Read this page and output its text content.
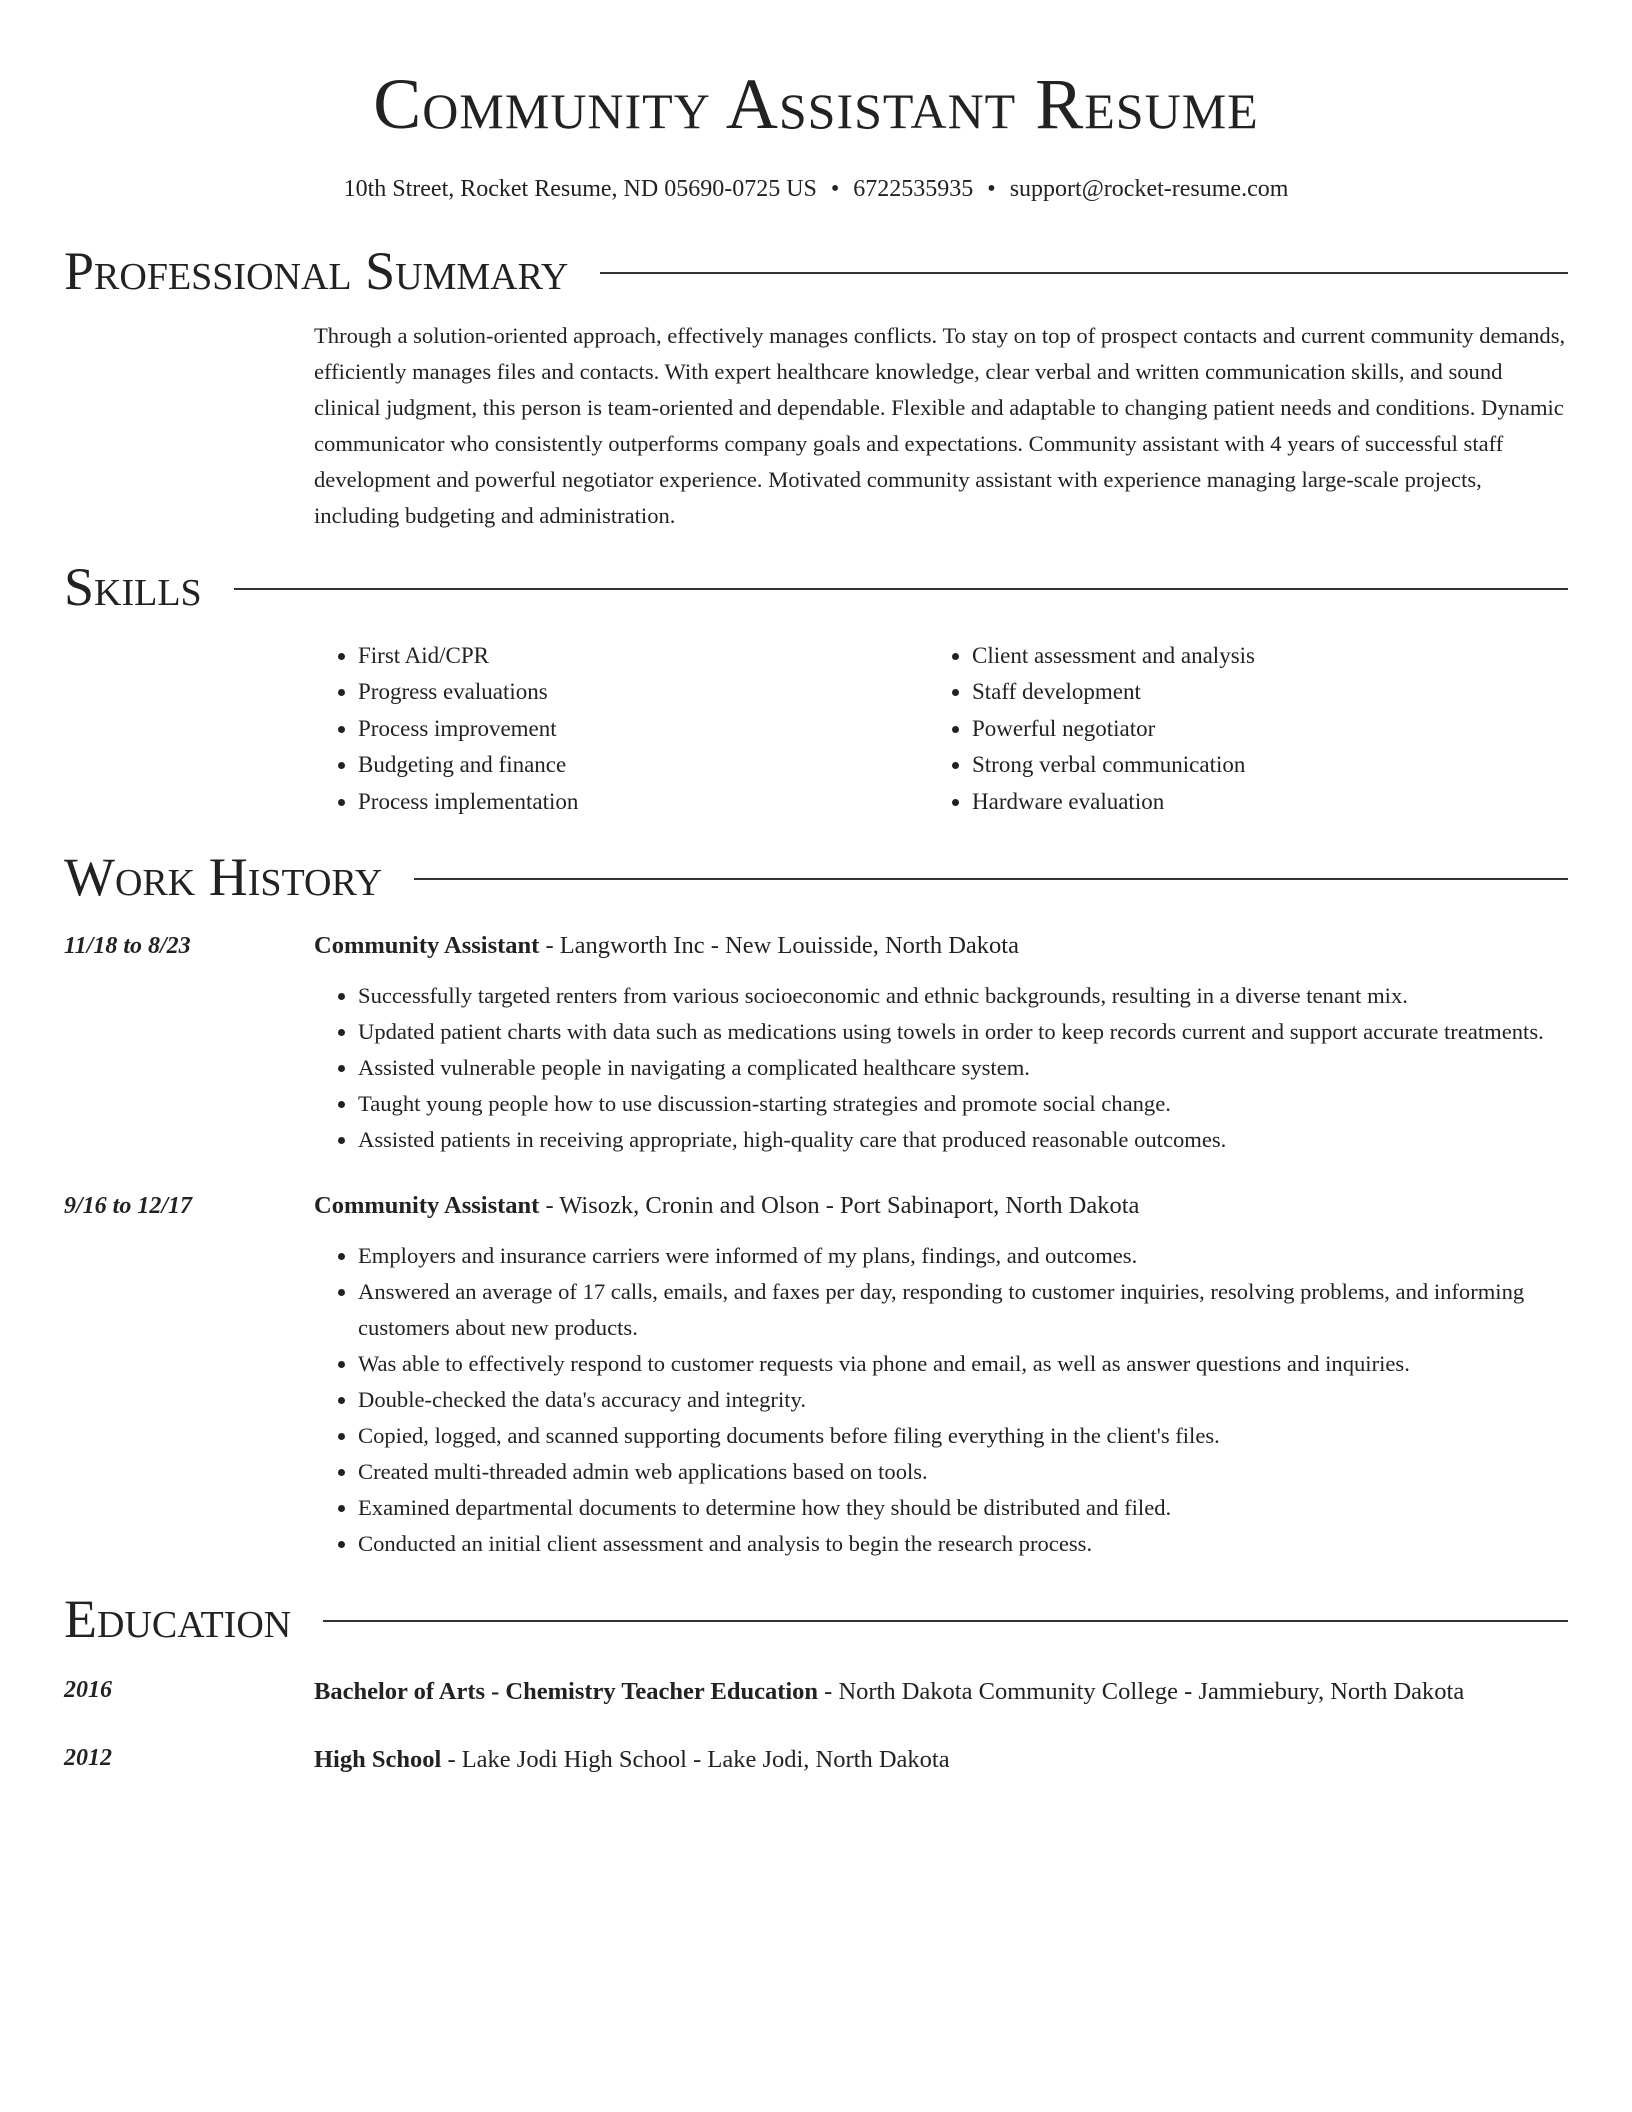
Community Assistant Resume
10th Street, Rocket Resume, ND 05690-0725 US • 6722535935 • support@rocket-resume.com
Professional Summary
Through a solution-oriented approach, effectively manages conflicts. To stay on top of prospect contacts and current community demands, efficiently manages files and contacts. With expert healthcare knowledge, clear verbal and written communication skills, and sound clinical judgment, this person is team-oriented and dependable. Flexible and adaptable to changing patient needs and conditions. Dynamic communicator who consistently outperforms company goals and expectations. Community assistant with 4 years of successful staff development and powerful negotiator experience. Motivated community assistant with experience managing large-scale projects, including budgeting and administration.
Skills
• First Aid/CPR
• Progress evaluations
• Process improvement
• Budgeting and finance
• Process implementation
• Client assessment and analysis
• Staff development
• Powerful negotiator
• Strong verbal communication
• Hardware evaluation
Work History
11/18 to 8/23	Community Assistant - Langworth Inc - New Louisside, North Dakota
• Successfully targeted renters from various socioeconomic and ethnic backgrounds, resulting in a diverse tenant mix.
• Updated patient charts with data such as medications using towels in order to keep records current and support accurate treatments.
• Assisted vulnerable people in navigating a complicated healthcare system.
• Taught young people how to use discussion-starting strategies and promote social change.
• Assisted patients in receiving appropriate, high-quality care that produced reasonable outcomes.
9/16 to 12/17	Community Assistant - Wisozk, Cronin and Olson - Port Sabinaport, North Dakota
• Employers and insurance carriers were informed of my plans, findings, and outcomes.
• Answered an average of 17 calls, emails, and faxes per day, responding to customer inquiries, resolving problems, and informing customers about new products.
• Was able to effectively respond to customer requests via phone and email, as well as answer questions and inquiries.
• Double-checked the data's accuracy and integrity.
• Copied, logged, and scanned supporting documents before filing everything in the client's files.
• Created multi-threaded admin web applications based on tools.
• Examined departmental documents to determine how they should be distributed and filed.
• Conducted an initial client assessment and analysis to begin the research process.
Education
2016	Bachelor of Arts - Chemistry Teacher Education - North Dakota Community College - Jammiebury, North Dakota
2012	High School - Lake Jodi High School - Lake Jodi, North Dakota
